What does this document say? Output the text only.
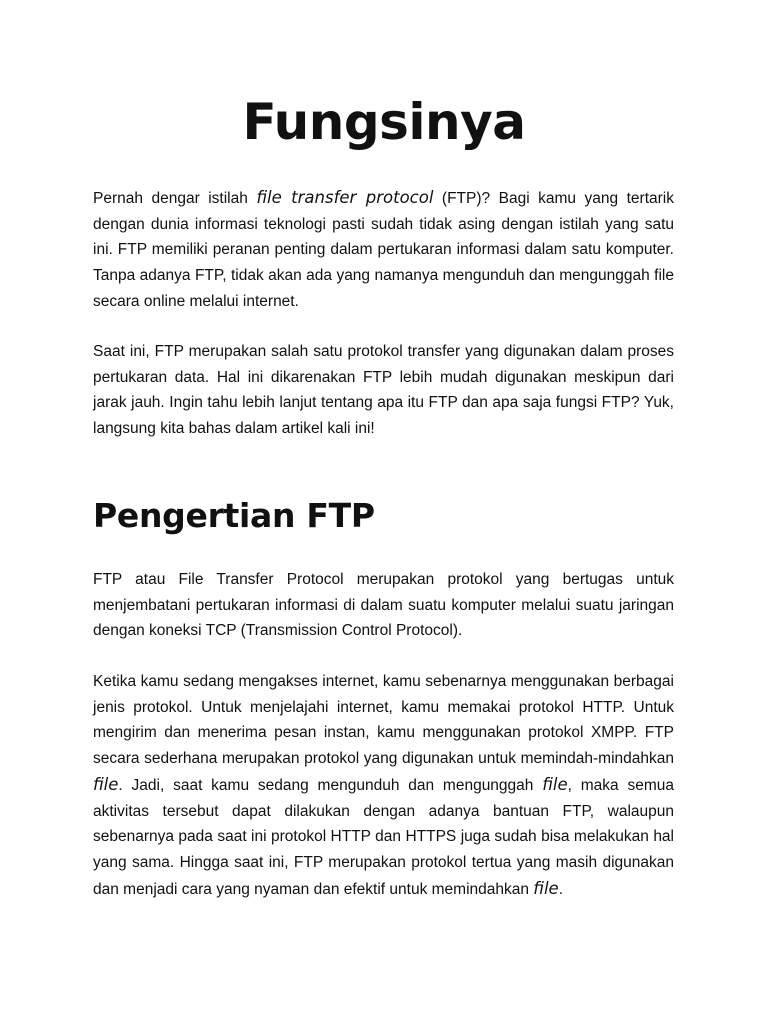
Fungsinya

Pernah dengar istilah file transfer protocol (FTP)? Bagi kamu yang tertarik dengan dunia informasi teknologi pasti sudah tidak asing dengan istilah yang satu ini. FTP memiliki peranan penting dalam pertukaran informasi dalam satu komputer. Tanpa adanya FTP, tidak akan ada yang namanya mengunduh dan mengunggah file secara online melalui internet.

Saat ini, FTP merupakan salah satu protokol transfer yang digunakan dalam proses pertukaran data. Hal ini dikarenakan FTP lebih mudah digunakan meskipun dari jarak jauh. Ingin tahu lebih lanjut tentang apa itu FTP dan apa saja fungsi FTP? Yuk, langsung kita bahas dalam artikel kali ini!

Pengertian FTP

FTP atau File Transfer Protocol merupakan protokol yang bertugas untuk menjembatani pertukaran informasi di dalam suatu komputer melalui suatu jaringan dengan koneksi TCP (Transmission Control Protocol).

Ketika kamu sedang mengakses internet, kamu sebenarnya menggunakan berbagai jenis protokol. Untuk menjelajahi internet, kamu memakai protokol HTTP. Untuk mengirim dan menerima pesan instan, kamu menggunakan protokol XMPP. FTP secara sederhana merupakan protokol yang digunakan untuk memindah-mindahkan file. Jadi, saat kamu sedang mengunduh dan mengunggah file, maka semua aktivitas tersebut dapat dilakukan dengan adanya bantuan FTP, walaupun sebenarnya pada saat ini protokol HTTP dan HTTPS juga sudah bisa melakukan hal yang sama. Hingga saat ini, FTP merupakan protokol tertua yang masih digunakan dan menjadi cara yang nyaman dan efektif untuk memindahkan file.
